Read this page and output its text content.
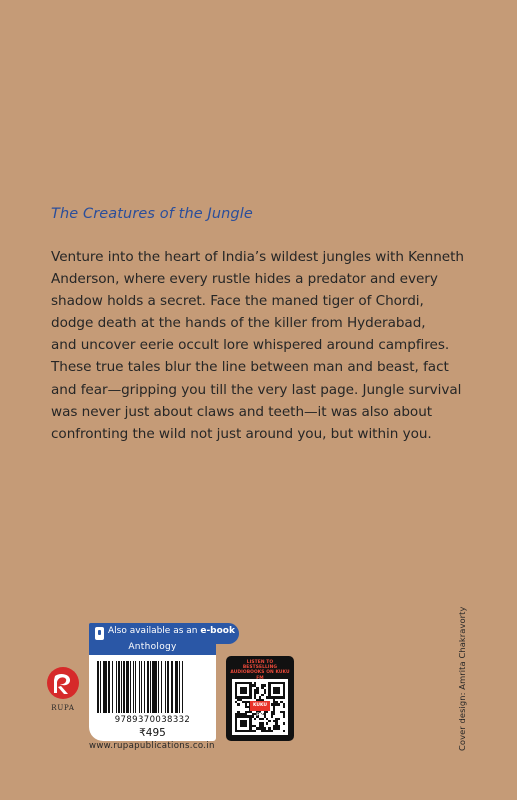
The Creatures of the Jungle
Venture into the heart of India’s wildest jungles with Kenneth
Anderson, where every rustle hides a predator and every
shadow holds a secret. Face the maned tiger of Chordi,
dodge death at the hands of the killer from Hyderabad,
and uncover eerie occult lore whispered around campfires.
These true tales blur the line between man and beast, fact
and fear—gripping you till the very last page. Jungle survival
was never just about claws and teeth—it was also about
confronting the wild not just around you, but within you.
Cover design: Amrita Chakravorty
RUPA
Also available as an e-book
Anthology
9789370038332
₹495
LISTEN TO BESTSELLING AUDIOBOOKS ON KUKU
KUKU FM
www.rupapublications.co.in
